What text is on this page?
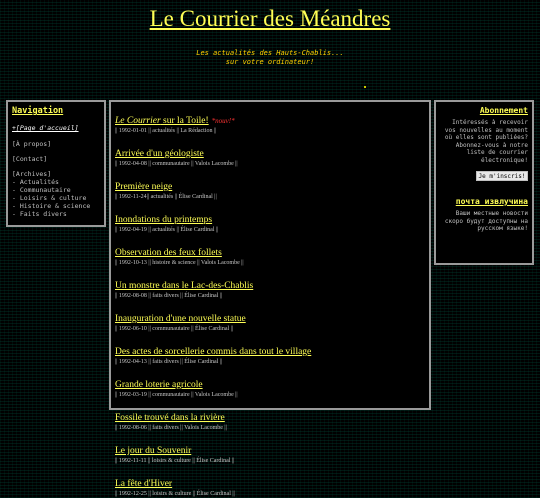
Le Courrier des Méandres
Les actualités des Hauts-Chablis...
sur votre ordinateur!
Navigation
+[Page d'accueil]
[À propos]
[Contact]
[Archives]
- Actualités
- Communautaire
- Loisirs & culture
- Histoire & science
- Faits divers
Le Courrier sur la Toile! *nouv!*
|| 1992-01-01 || actualités || La Rédaction ||
Arrivée d'un géologiste
|| 1992-04-08 || communautaire || Valois Lacombe ||
Première neige
|| 1992-11-24|| actualités || Élise Cardinal ||
Inondations du printemps
|| 1992-04-19 || actualités || Élise Cardinal ||
Observation des feux follets
|| 1992-10-13 || histoire & science || Valois Lacombe ||
Un monstre dans le Lac-des-Chablis
|| 1992-08-08 || faits divers || Élise Cardinal ||
Inauguration d'une nouvelle statue
|| 1992-06-10 || communautaire || Élise Cardinal ||
Des actes de sorcellerie commis dans tout le village
|| 1992-04-13 || faits divers || Élise Cardinal ||
Grande loterie agricole
|| 1992-03-19 || communautaire || Valois Lacombe ||
Fossile trouvé dans la rivière
|| 1992-08-06 || faits divers || Valois Lacombe ||
Le jour du Souvenir
|| 1992-11-11 || loisirs & culture || Élise Cardinal ||
La fête d'Hiver
|| 1992-12-25 || loisirs & culture || Élise Cardinal ||
Abonnement
Intéressés à recevoir vos nouvelles au moment où elles sont publiées? Abonnez-vous à notre liste de courrier électronique!
Je m'inscris!
почта извлучина
Ваши местные новости скоро будут доступны на русском языке!
